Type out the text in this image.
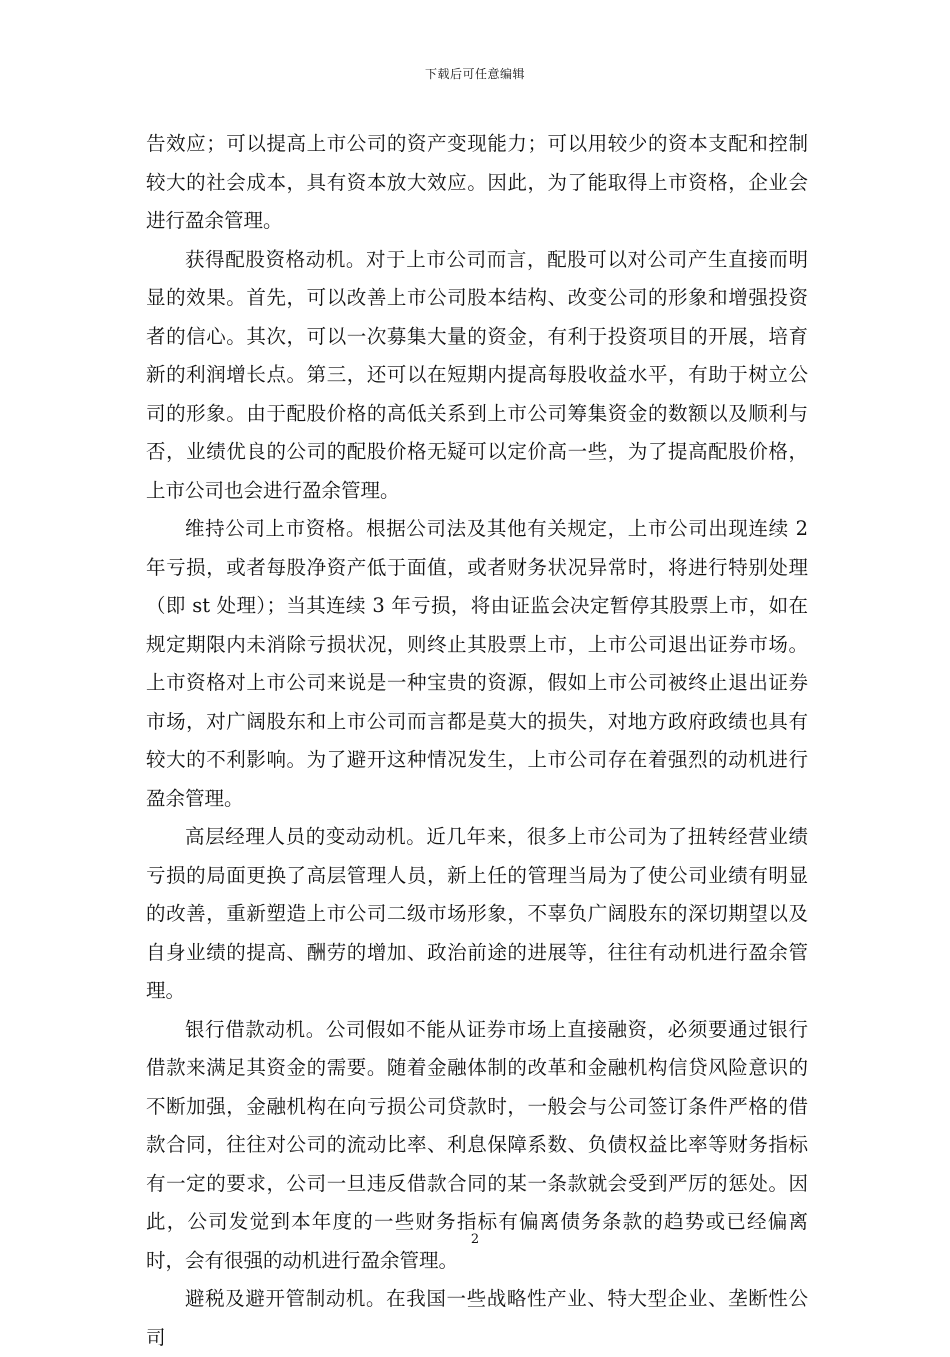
下载后可任意编辑

告效应；可以提高上市公司的资产变现能力；可以用较少的资本支配和控制较大的社会成本，具有资本放大效应。因此，为了能取得上市资格，企业会进行盈余管理。

获得配股资格动机。对于上市公司而言，配股可以对公司产生直接而明显的效果。首先，可以改善上市公司股本结构、改变公司的形象和增强投资者的信心。其次，可以一次募集大量的资金，有利于投资项目的开展，培育新的利润增长点。第三，还可以在短期内提高每股收益水平，有助于树立公司的形象。由于配股价格的高低关系到上市公司筹集资金的数额以及顺利与否，业绩优良的公司的配股价格无疑可以定价高一些，为了提高配股价格，上市公司也会进行盈余管理。

维持公司上市资格。根据公司法及其他有关规定，上市公司出现连续 2 年亏损，或者每股净资产低于面值，或者财务状况异常时，将进行特别处理（即 st 处理）；当其连续 3 年亏损，将由证监会决定暂停其股票上市，如在规定期限内未消除亏损状况，则终止其股票上市，上市公司退出证券市场。上市资格对上市公司来说是一种宝贵的资源，假如上市公司被终止退出证券市场，对广阔股东和上市公司而言都是莫大的损失，对地方政府政绩也具有较大的不利影响。为了避开这种情况发生，上市公司存在着强烈的动机进行盈余管理。

高层经理人员的变动动机。近几年来，很多上市公司为了扭转经营业绩亏损的局面更换了高层管理人员，新上任的管理当局为了使公司业绩有明显的改善，重新塑造上市公司二级市场形象，不辜负广阔股东的深切期望以及自身业绩的提高、酬劳的增加、政治前途的进展等，往往有动机进行盈余管理。

银行借款动机。公司假如不能从证券市场上直接融资，必须要通过银行借款来满足其资金的需要。随着金融体制的改革和金融机构信贷风险意识的不断加强，金融机构在向亏损公司贷款时，一般会与公司签订条件严格的借款合同，往往对公司的流动比率、利息保障系数、负债权益比率等财务指标有一定的要求，公司一旦违反借款合同的某一条款就会受到严厉的惩处。因此，公司发觉到本年度的一些财务指标有偏离债务条款的趋势或已经偏离时，会有很强的动机进行盈余管理。

避税及避开管制动机。在我国一些战略性产业、特大型企业、垄断性公司

2
